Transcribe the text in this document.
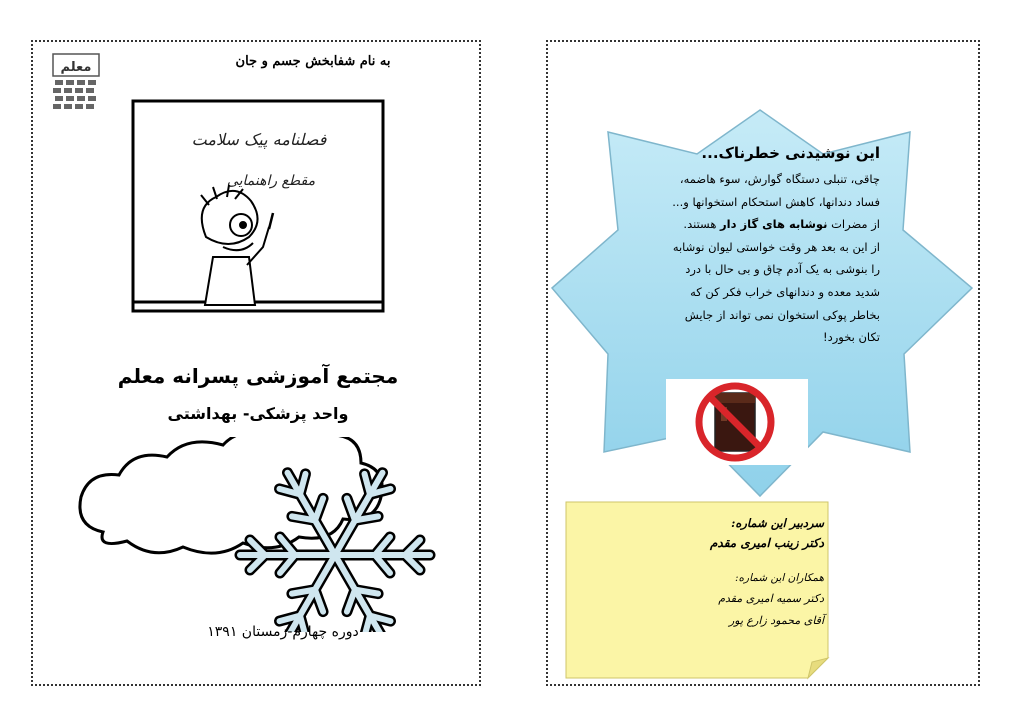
به نام شفابخش جسم و جان
معلم
فصلنامه پیک سلامت
مقطع راهنمایی
مجتمع آموزشی پسرانه معلم
واحد پزشکی- بهداشتی
دوره چهارم-زمستان ۱۳۹۱
این نوشیدنی خطرناک...
چاقی، تنبلی دستگاه گوارش، سوء هاضمه،
فساد دندانها، کاهش استحکام استخوانها و...
از مضرات نوشابه های گاز دار هستند.
از این به بعد هر وقت خواستی لیوان نوشابه
را بنوشی به یک آدم چاق و بی حال با درد
شدید معده و دندانهای خراب فکر کن که
بخاطر پوکی استخوان نمی تواند از جایش
تکان بخورد!
سردبیر این شماره:
دکتر زینب امیری مقدم
همکاران این شماره:
دکتر سمیه امیری مقدم
آقای محمود زارع پور
